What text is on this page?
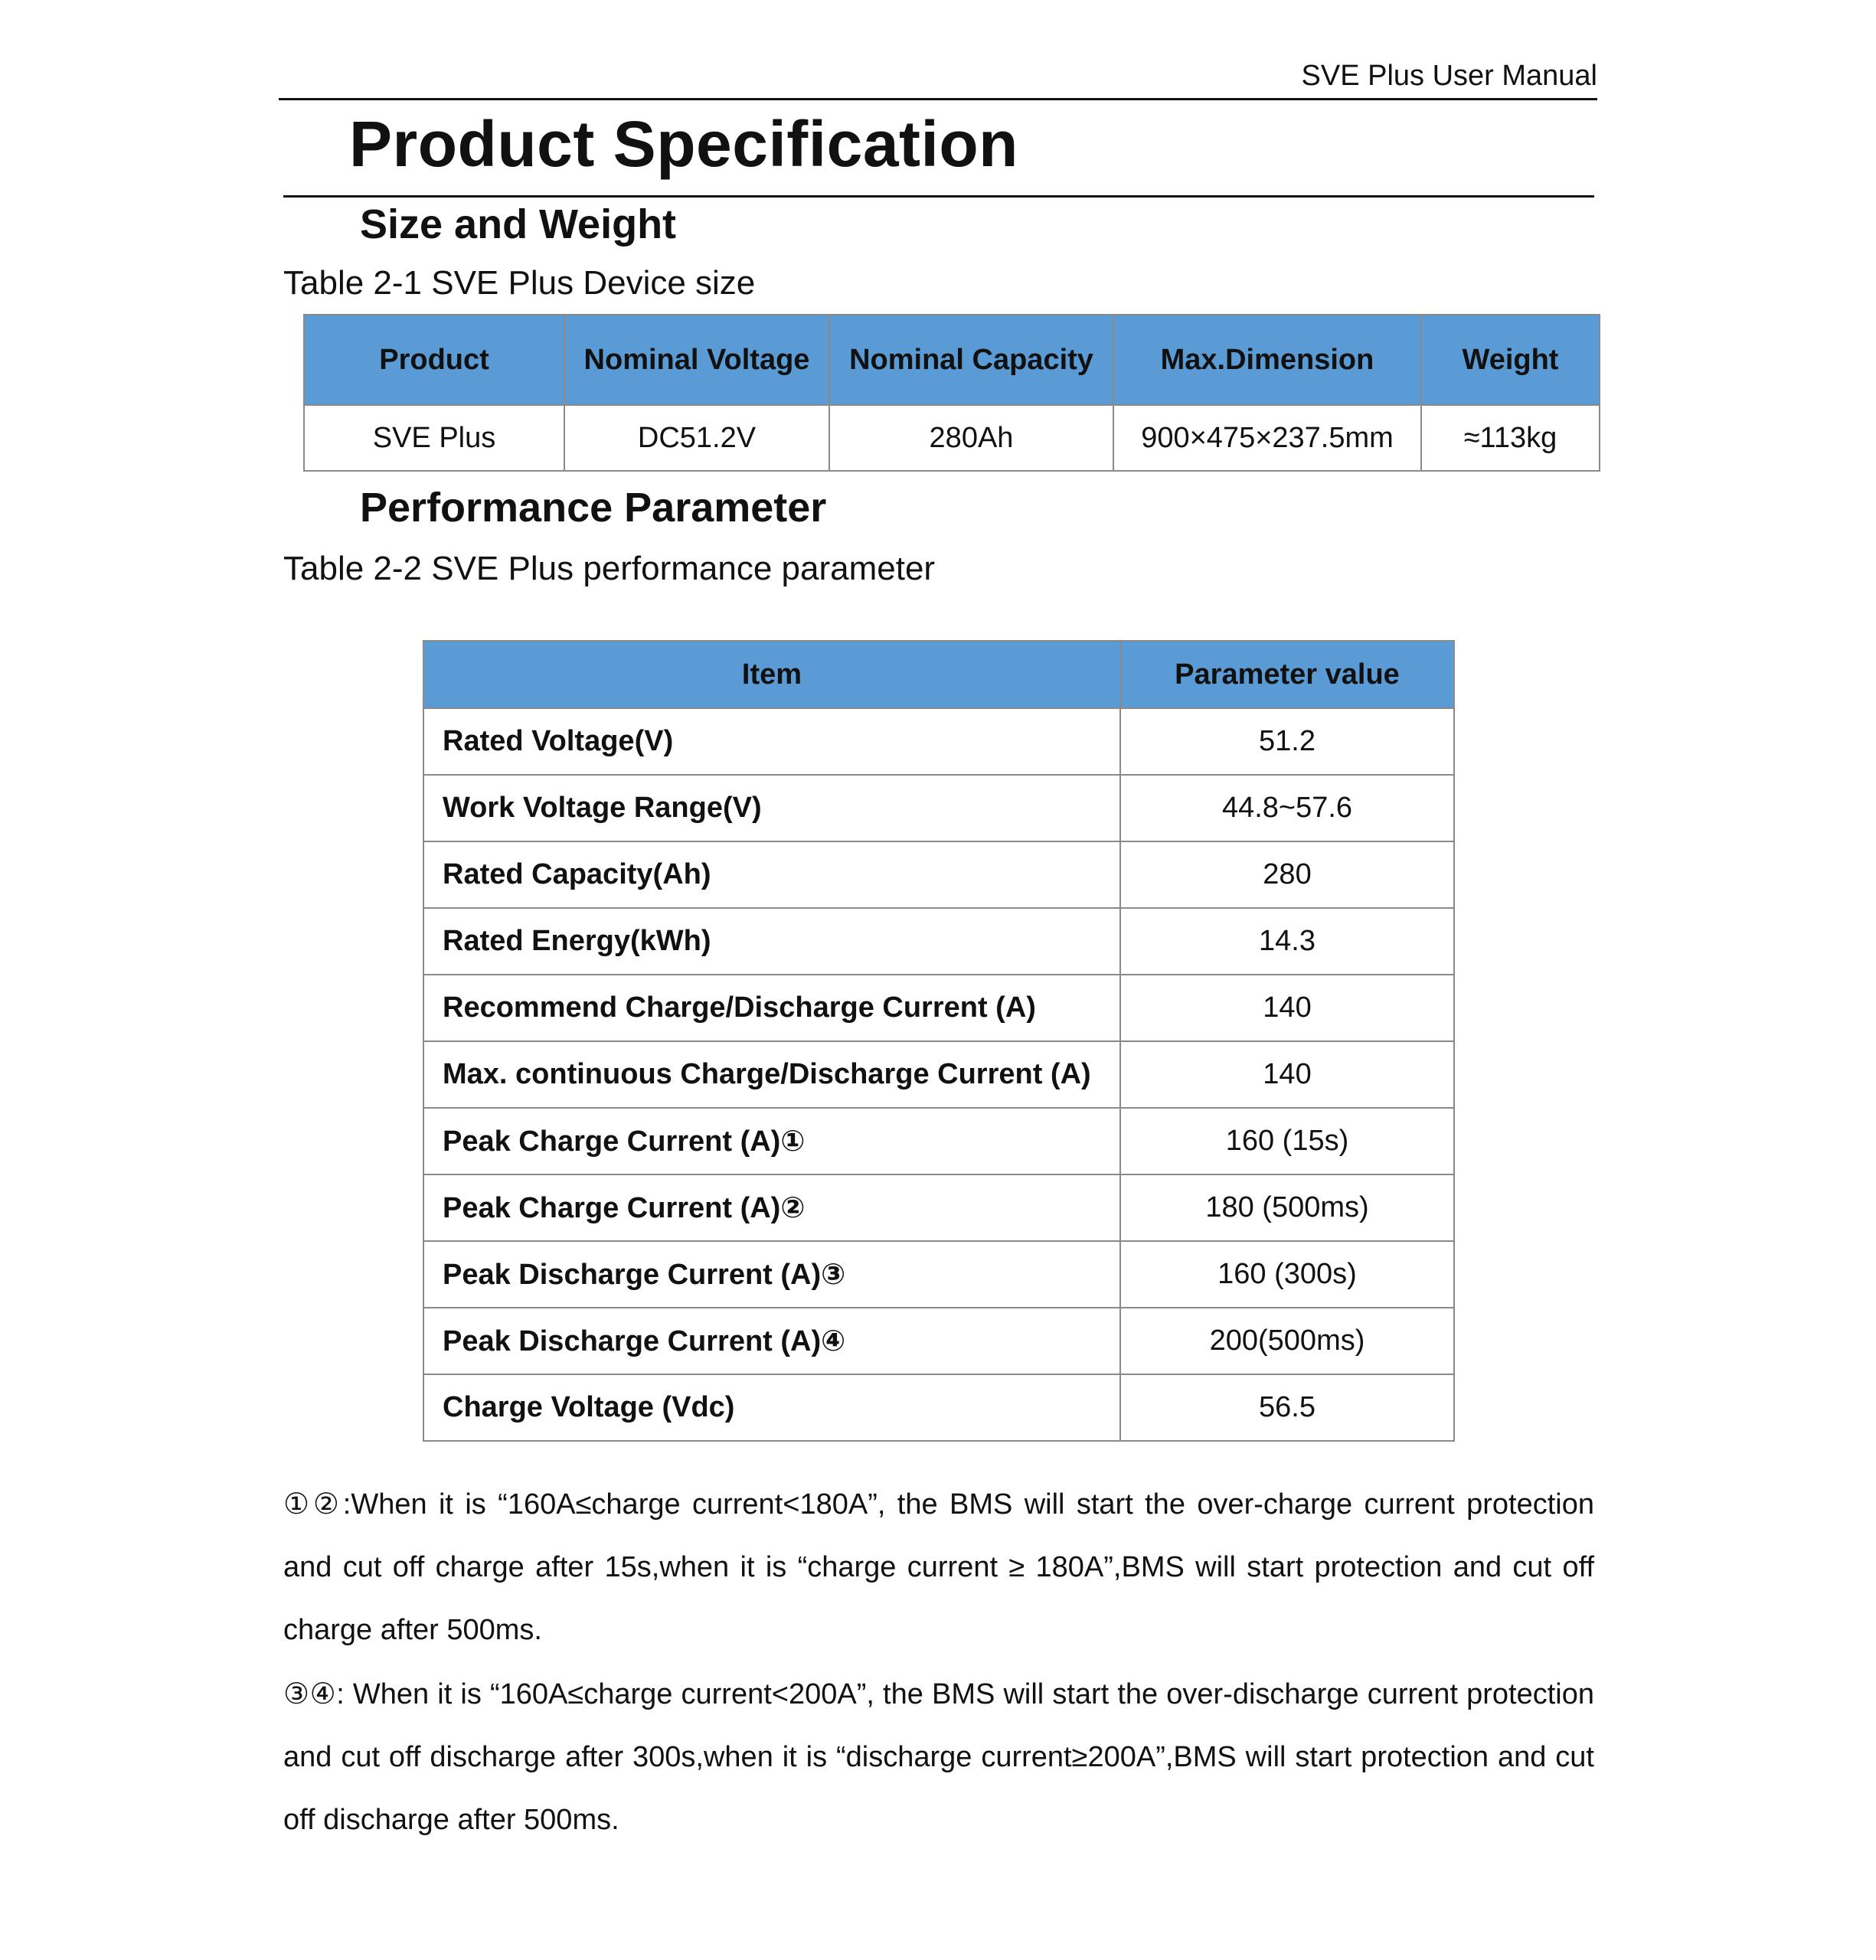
SVE Plus User Manual
Product Specification
Size and Weight
Table 2-1 SVE Plus Device size
Product	Nominal Voltage	Nominal Capacity	Max.Dimension	Weight
SVE Plus	DC51.2V	280Ah	900×475×237.5mm	≈113kg
Performance Parameter
Table 2-2 SVE Plus performance parameter
Item	Parameter value
Rated Voltage(V)	51.2
Work Voltage Range(V)	44.8~57.6
Rated Capacity(Ah)	280
Rated Energy(kWh)	14.3
Recommend Charge/Discharge Current (A)	140
Max. continuous Charge/Discharge Current (A)	140
Peak Charge Current (A)①	160 (15s)
Peak Charge Current (A)②	180 (500ms)
Peak Discharge Current (A)③	160 (300s)
Peak Discharge Current (A)④	200(500ms)
Charge Voltage (Vdc)	56.5
①②:When it is “160A≤charge current<180A”, the BMS will start the over-charge current protection and cut off charge after 15s,when it is “charge current ≥ 180A”,BMS will start protection and cut off charge after 500ms.
③④: When it is “160A≤charge current<200A”, the BMS will start the over-discharge current protection and cut off discharge after 300s,when it is “discharge current≥200A”,BMS will start protection and cut off discharge after 500ms.
